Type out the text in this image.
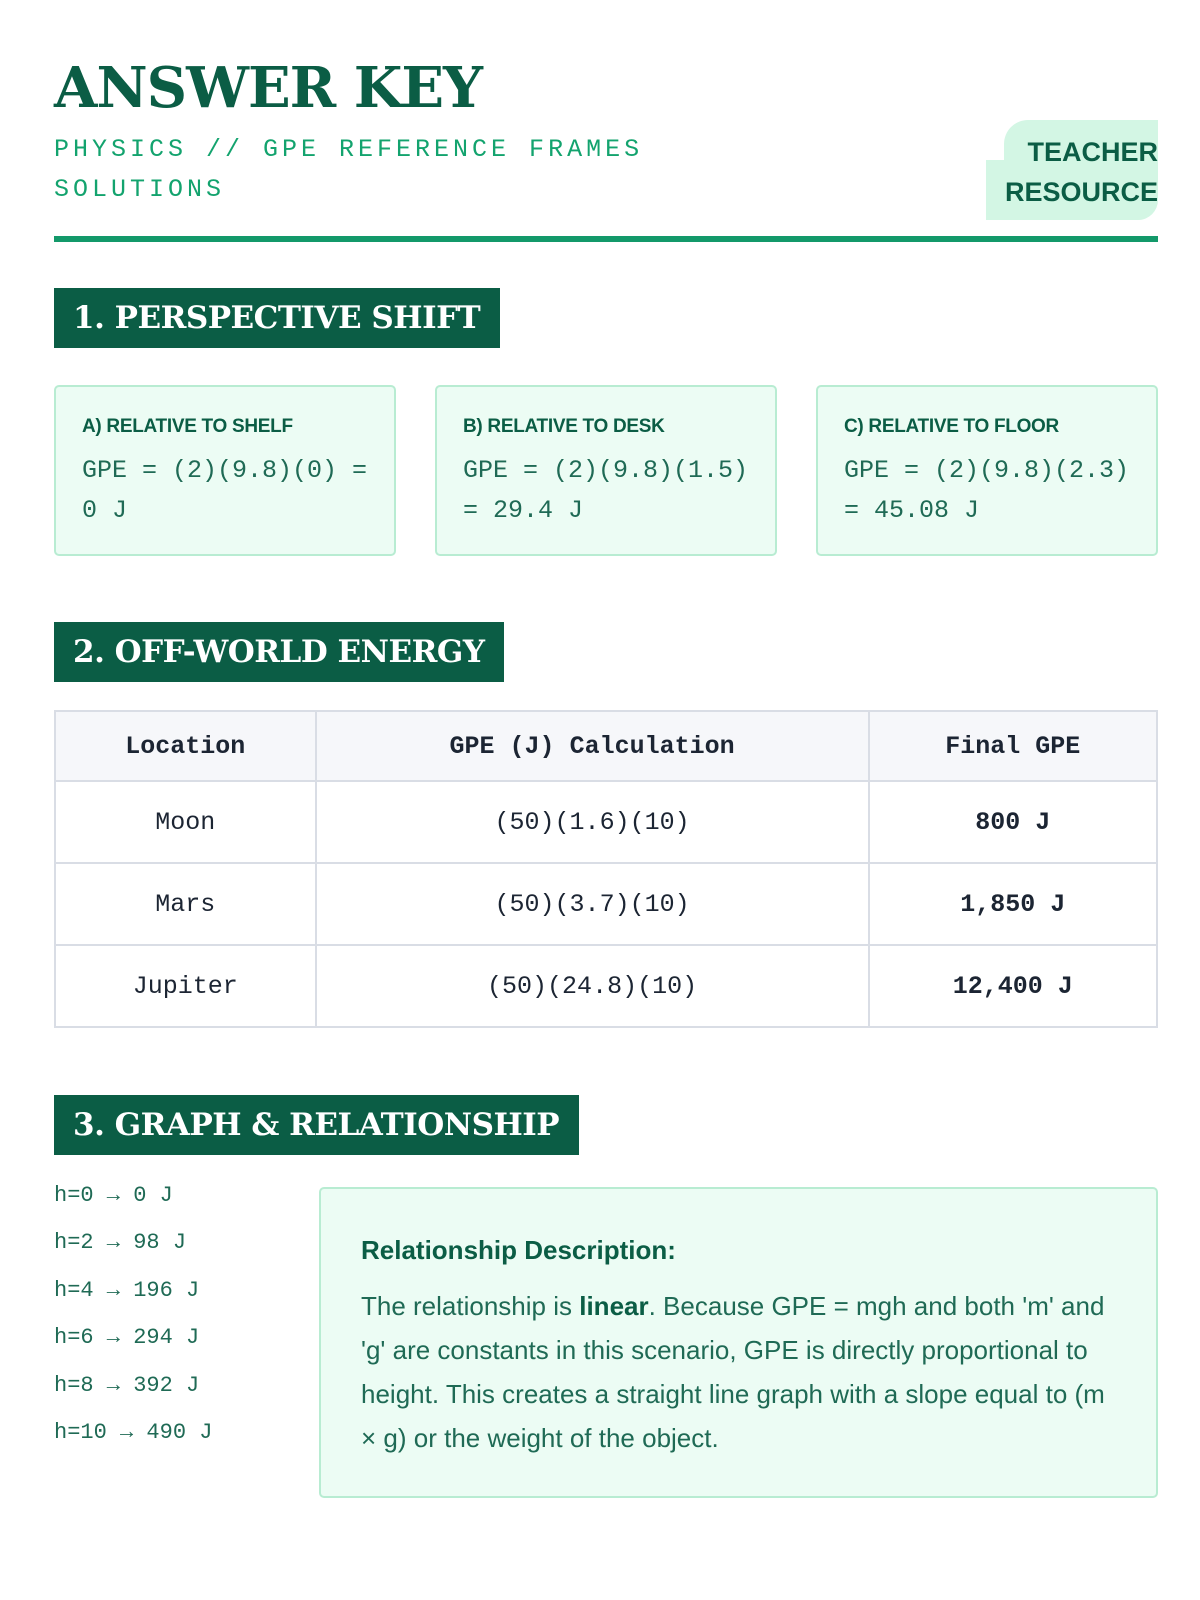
ANSWER KEY
PHYSICS // GPE REFERENCE FRAMES SOLUTIONS
TEACHER
RESOURCE
1. PERSPECTIVE SHIFT
A) RELATIVE TO SHELF
GPE = (2)(9.8)(0) = 0 J
B) RELATIVE TO DESK
GPE = (2)(9.8)(1.5) = 29.4 J
C) RELATIVE TO FLOOR
GPE = (2)(9.8)(2.3) = 45.08 J
2. OFF-WORLD ENERGY
Location	GPE (J) Calculation	Final GPE
Moon	(50)(1.6)(10)	800 J
Mars	(50)(3.7)(10)	1,850 J
Jupiter	(50)(24.8)(10)	12,400 J
3. GRAPH & RELATIONSHIP
h=0 → 0 J
h=2 → 98 J
h=4 → 196 J
h=6 → 294 J
h=8 → 392 J
h=10 → 490 J
Relationship Description:
The relationship is linear. Because GPE = mgh and both 'm' and 'g' are constants in this scenario, GPE is directly proportional to height. This creates a straight line graph with a slope equal to (m × g) or the weight of the object.
